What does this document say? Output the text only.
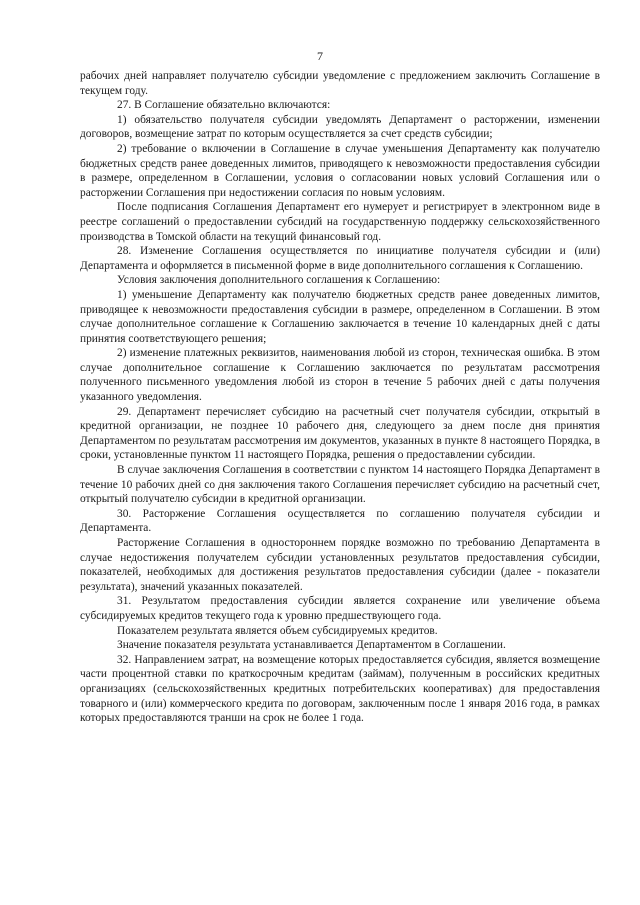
7

рабочих дней направляет получателю субсидии уведомление с предложением заключить Соглашение в текущем году.

27. В Соглашение обязательно включаются:

1) обязательство получателя субсидии уведомлять Департамент о расторжении, изменении договоров, возмещение затрат по которым осуществляется за счет средств субсидии;

2) требование о включении в Соглашение в случае уменьшения Департаменту как получателю бюджетных средств ранее доведенных лимитов, приводящего к невозможности предоставления субсидии в размере, определенном в Соглашении, условия о согласовании новых условий Соглашения или о расторжении Соглашения при недостижении согласия по новым условиям.

После подписания Соглашения Департамент его нумерует и регистрирует в электронном виде в реестре соглашений о предоставлении субсидий на государственную поддержку сельскохозяйственного производства в Томской области на текущий финансовый год.

28. Изменение Соглашения осуществляется по инициативе получателя субсидии и (или) Департамента и оформляется в письменной форме в виде дополнительного соглашения к Соглашению.

Условия заключения дополнительного соглашения к Соглашению:

1) уменьшение Департаменту как получателю бюджетных средств ранее доведенных лимитов, приводящее к невозможности предоставления субсидии в размере, определенном в Соглашении. В этом случае дополнительное соглашение к Соглашению заключается в течение 10 календарных дней с даты принятия соответствующего решения;

2) изменение платежных реквизитов, наименования любой из сторон, техническая ошибка. В этом случае дополнительное соглашение к Соглашению заключается по результатам рассмотрения полученного письменного уведомления любой из сторон в течение 5 рабочих дней с даты получения указанного уведомления.

29. Департамент перечисляет субсидию на расчетный счет получателя субсидии, открытый в кредитной организации, не позднее 10 рабочего дня, следующего за днем после дня принятия Департаментом по результатам рассмотрения им документов, указанных в пункте 8 настоящего Порядка, в сроки, установленные пунктом 11 настоящего Порядка, решения о предоставлении субсидии.

В случае заключения Соглашения в соответствии с пунктом 14 настоящего Порядка Департамент в течение 10 рабочих дней со дня заключения такого Соглашения перечисляет субсидию на расчетный счет, открытый получателю субсидии в кредитной организации.

30. Расторжение Соглашения осуществляется по соглашению получателя субсидии и Департамента.

Расторжение Соглашения в одностороннем порядке возможно по требованию Департамента в случае недостижения получателем субсидии установленных результатов предоставления субсидии, показателей, необходимых для достижения результатов предоставления субсидии (далее - показатели результата), значений указанных показателей.

31. Результатом предоставления субсидии является сохранение или увеличение объема субсидируемых кредитов текущего года к уровню предшествующего года.

Показателем результата является объем субсидируемых кредитов.

Значение показателя результата устанавливается Департаментом в Соглашении.

32. Направлением затрат, на возмещение которых предоставляется субсидия, является возмещение части процентной ставки по краткосрочным кредитам (займам), полученным в российских кредитных организациях (сельскохозяйственных кредитных потребительских кооперативах) для предоставления товарного и (или) коммерческого кредита по договорам, заключенным после 1 января 2016 года, в рамках которых предоставляются транши на срок не более 1 года.
